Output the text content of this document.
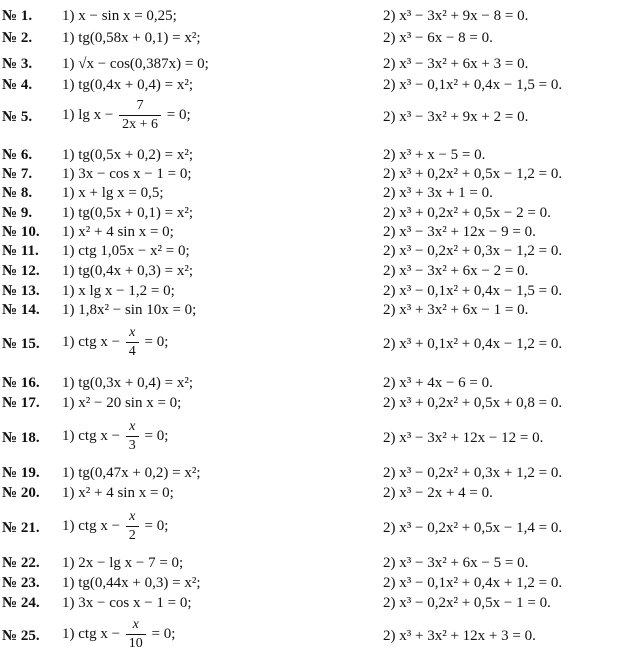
№ 1. 1) x − sin x = 0,25;	2) x³ − 3x² + 9x − 8 = 0.
№ 2. 1) tg(0,58x + 0,1) = x²;	2) x³ − 6x − 8 = 0.
№ 3. 1) √x − cos(0,387x) = 0;	2) x³ − 3x² + 6x + 3 = 0.
№ 4. 1) tg(0,4x + 0,4) = x²;	2) x³ − 0,1x² + 0,4x − 1,5 = 0.
№ 5. 1) $\lg x - \frac{7}{2x + 6} = 0$;	2) x³ − 3x² + 9x + 2 = 0.
№ 6. 1) tg(0,5x + 0,2) = x²;	2) x³ + x − 5 = 0.
№ 7. 1) 3x − cos x − 1 = 0;	2) x³ + 0,2x² + 0,5x − 1,2 = 0.
№ 8. 1) x + lg x = 0,5;	2) x³ + 3x + 1 = 0.
№ 9. 1) tg(0,5x + 0,1) = x²;	2) x³ + 0,2x² + 0,5x − 2 = 0.
№ 10. 1) x² + 4 sin x = 0;	2) x³ − 3x² + 12x − 9 = 0.
№ 11. 1) ctg 1,05x − x² = 0;	2) x³ − 0,2x² + 0,3x − 1,2 = 0.
№ 12. 1) tg(0,4x + 0,3) = x²;	2) x³ − 3x² + 6x − 2 = 0.
№ 13. 1) x lg x − 1,2 = 0;	2) x³ − 0,1x² + 0,4x − 1,5 = 0.
№ 14. 1) 1,8x² − sin 10x = 0;	2) x³ + 3x² + 6x − 1 = 0.
№ 15. 1) ctg $x - \frac{x}{4} = 0$;	2) x³ + 0,1x² + 0,4x − 1,2 = 0.
№ 16. 1) tg(0,3x + 0,4) = x²;	2) x³ + 4x − 6 = 0.
№ 17. 1) x² − 20 sin x = 0;	2) x³ + 0,2x² + 0,5x + 0,8 = 0.
№ 18. 1) ctg $x - \frac{x}{3} = 0$;	2) x³ − 3x² + 12x − 12 = 0.
№ 19. 1) tg(0,47x + 0,2) = x²;	2) x³ − 0,2x² + 0,3x + 1,2 = 0.
№ 20. 1) x² + 4 sin x = 0;	2) x³ − 2x + 4 = 0.
№ 21. 1) ctg $x - \frac{x}{2} = 0$;	2) x³ − 0,2x² + 0,5x − 1,4 = 0.
№ 22. 1) 2x − lg x − 7 = 0;	2) x³ − 3x² + 6x − 5 = 0.
№ 23. 1) tg(0,44x + 0,3) = x²;	2) x³ − 0,1x² + 0,4x + 1,2 = 0.
№ 24. 1) 3x − cos x − 1 = 0;	2) x³ − 0,2x² + 0,5x − 1 = 0.
№ 25. 1) ctg $x - \frac{x}{10} = 0$;	2) x³ + 3x² + 12x + 3 = 0.
